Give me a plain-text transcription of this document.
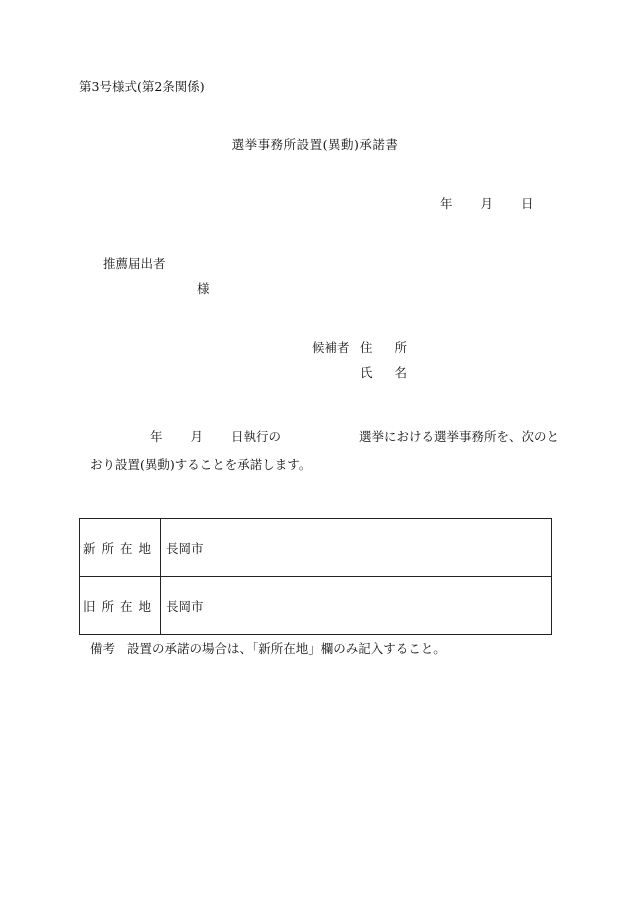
第3号様式(第2条関係)
選挙事務所設置(異動)承諾書
年 月 日
推薦届出者
様
候補者 住 所
氏 名
年 月 日執行の	選挙における選挙事務所を、次のと
おり設置(異動)することを承諾します。
新所在地	長岡市
旧所在地	長岡市
備考 設置の承諾の場合は、「新所在地」欄のみ記入すること。
